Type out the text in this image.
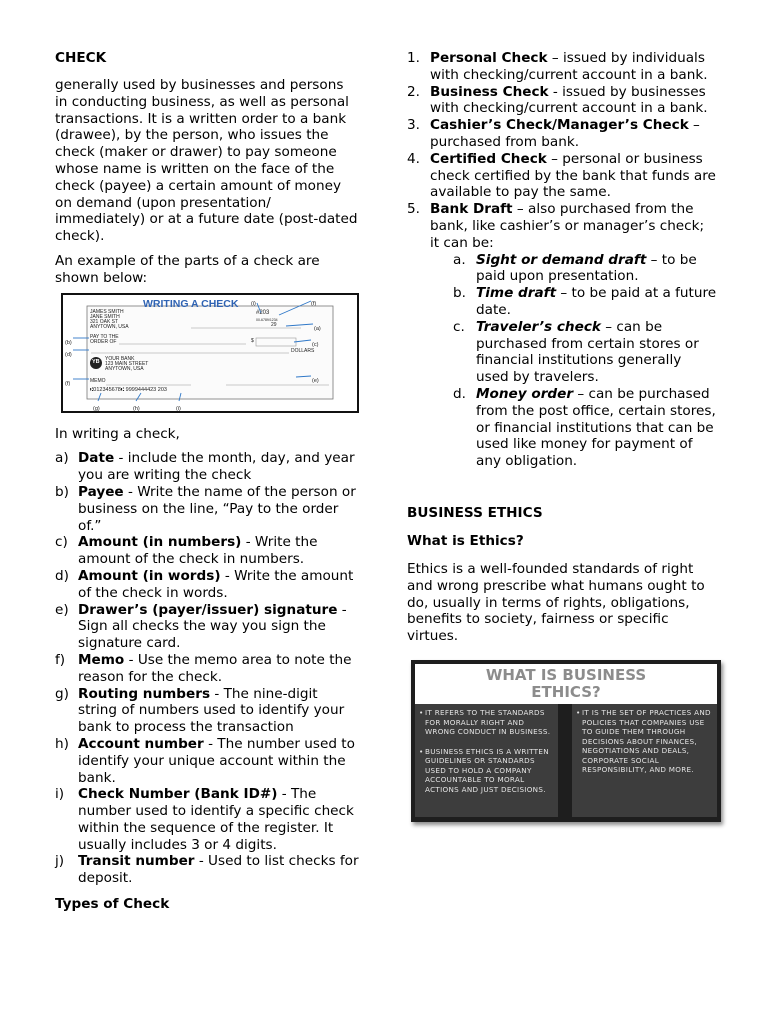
CHECK

generally used by businesses and persons in conducting business, as well as personal transactions. It is a written order to a bank (drawee), by the person, who issues the check (maker or drawer) to pay someone whose name is written on the face of the check (payee) a certain amount of money on demand (upon presentation/ immediately) or at a future date (post-dated check).

An example of the parts of a check are shown below:

WRITING A CHECK
JAMES SMITH
JANE SMITH
321 OAK ST
ANYTOWN, USA
#203
00-6789/1234
29
PAY TO THE ORDER OF	$
DOLLARS
YB YOUR BANK
123 MAIN STREET
ANYTOWN, USA
MEMO
⑆012345678⑆ 9999444423 203
(i)	(f)
(a)
(b)	(c)
(d)
(e)
(f)
(g)	(h)	(i)

In writing a check,

a) Date - include the month, day, and year you are writing the check
b) Payee - Write the name of the person or business on the line, “Pay to the order of.”
c) Amount (in numbers) - Write the amount of the check in numbers.
d) Amount (in words) - Write the amount of the check in words.
e) Drawer’s (payer/issuer) signature - Sign all checks the way you sign the signature card.
f) Memo - Use the memo area to note the reason for the check.
g) Routing numbers - The nine-digit string of numbers used to identify your bank to process the transaction
h) Account number - The number used to identify your unique account within the bank.
i) Check Number (Bank ID#) - The number used to identify a specific check within the sequence of the register. It usually includes 3 or 4 digits.
j) Transit number - Used to list checks for deposit.
Types of Check
1. Personal Check – issued by individuals with checking/current account in a bank.
2. Business Check - issued by businesses with checking/current account in a bank.
3. Cashier’s Check/Manager’s Check – purchased from bank.
4. Certified Check – personal or business check certified by the bank that funds are available to pay the same.
5. Bank Draft – also purchased from the bank, like cashier’s or manager’s check; it can be:
a. Sight or demand draft – to be paid upon presentation.
b. Time draft – to be paid at a future date.
c. Traveler’s check – can be purchased from certain stores or financial institutions generally used by travelers.
d. Money order – can be purchased from the post office, certain stores, or financial institutions that can be used like money for payment of any obligation.
BUSINESS ETHICS
What is Ethics?

Ethics is a well-founded standards of right and wrong prescribe what humans ought to do, usually in terms of rights, obligations, benefits to society, fairness or specific virtues.

WHAT IS BUSINESS
ETHICS?
• IT REFERS TO THE STANDARDS FOR MORALLY RIGHT AND WRONG CONDUCT IN BUSINESS.
• BUSINESS ETHICS IS A WRITTEN GUIDELINES OR STANDARDS USED TO HOLD A COMPANY ACCOUNTABLE TO MORAL ACTIONS AND JUST DECISIONS.
• IT IS THE SET OF PRACTICES AND POLICIES THAT COMPANIES USE TO GUIDE THEM THROUGH DECISIONS ABOUT FINANCES, NEGOTIATIONS AND DEALS, CORPORATE SOCIAL RESPONSIBILITY, AND MORE.
